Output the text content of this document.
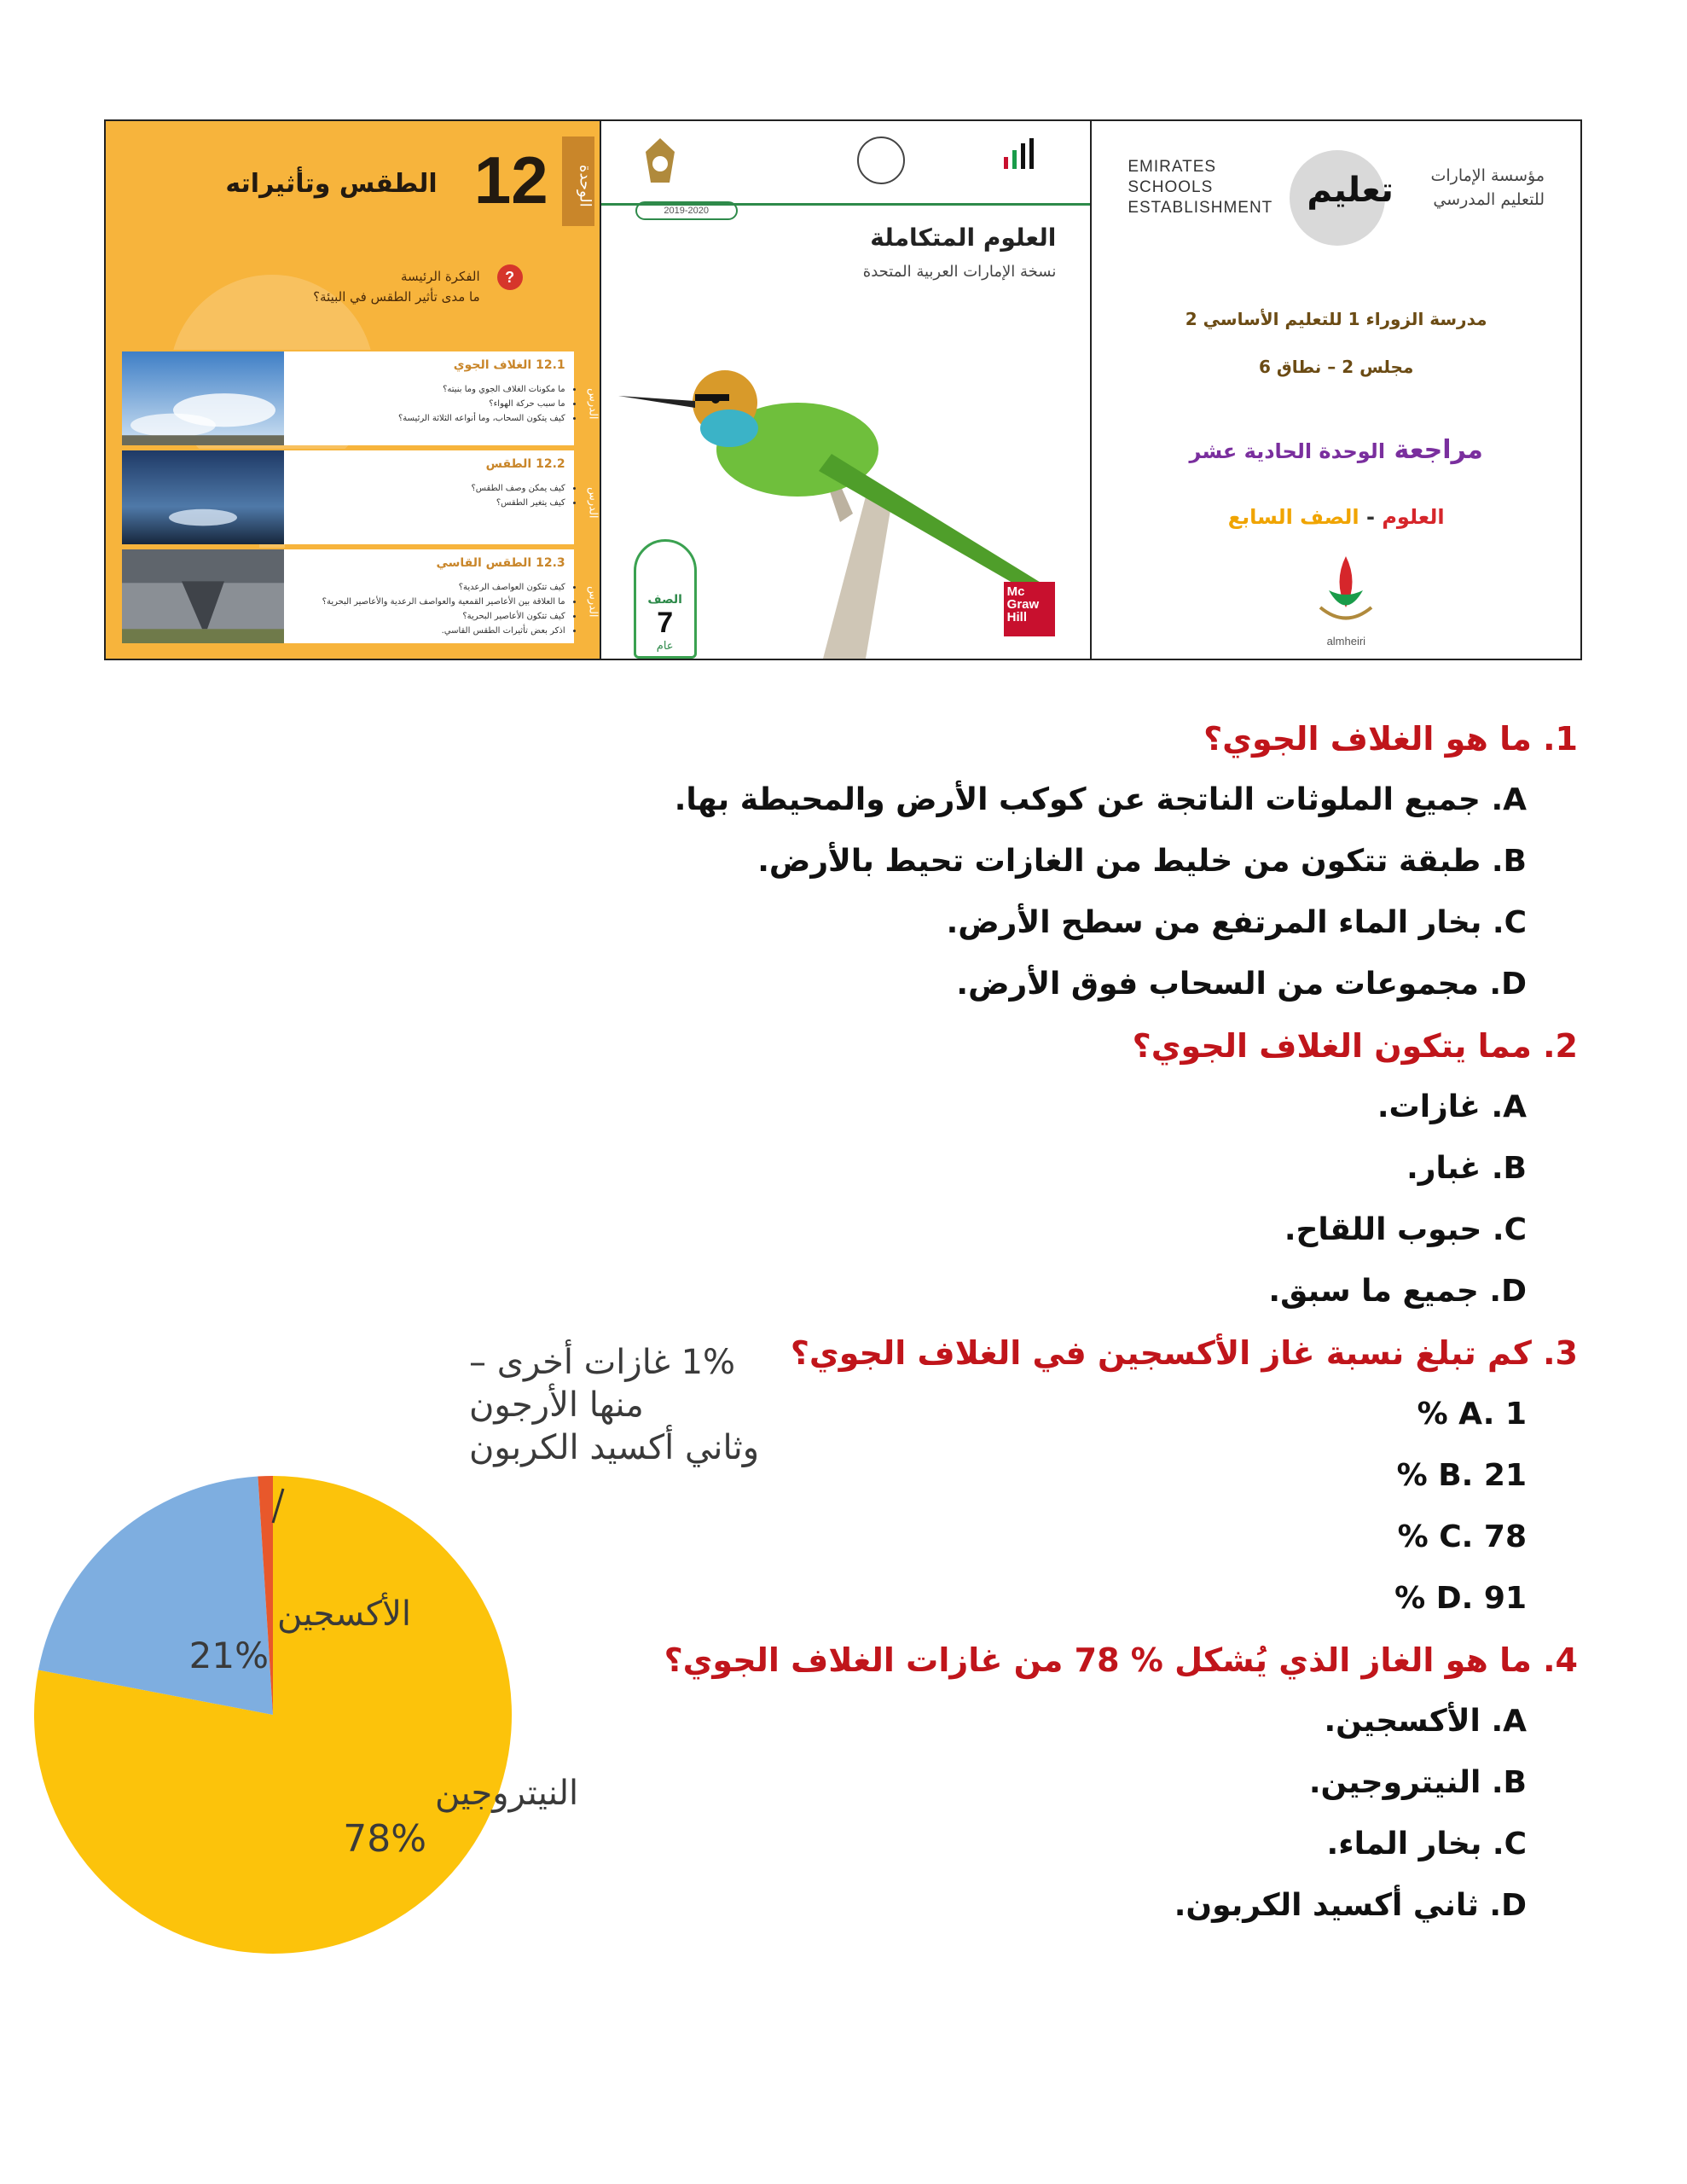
الوحدة
12
الطقس وتأثيراته
?
الفكرة الرئيسة
ما مدى تأثير الطقس في البيئة؟
الدرس
12.1 الغلاف الجوي
• ما مكونات الغلاف الجوي وما بنيته؟
• ما سبب حركة الهواء؟
• كيف يتكون السحاب، وما أنواعه الثلاثة الرئيسة؟
الدرس
12.2 الطقس
• كيف يمكن وصف الطقس؟
• كيف يتغير الطقس؟
الدرس
12.3 الطقس القاسي
• كيف تتكون العواصف الرعدية؟
• ما العلاقة بين الأعاصير القمعية والعواصف الرعدية والأعاصير البحرية؟
• كيف تتكون الأعاصير البحرية؟
• اذكر بعض تأثيرات الطقس القاسي.
2019-2020
العلوم المتكاملة
نسخة الإمارات العربية المتحدة
الصف
7
عام
Mc Graw Hill
EMIRATES SCHOOLS ESTABLISHMENT تعليم	مؤسسة الإمارات للتعليم المدرسي
مدرسة الزوراء 1 للتعليم الأساسي 2
مجلس 2 – نطاق 6
مراجعة الوحدة الحادية عشر
العلوم - الصف السابع
almheiri
1. ما هو الغلاف الجوي؟
A. جميع الملوثات الناتجة عن كوكب الأرض والمحيطة بها.
B. طبقة تتكون من خليط من الغازات تحيط بالأرض.
C. بخار الماء المرتفع من سطح الأرض.
D. مجموعات من السحاب فوق الأرض.
2. مما يتكون الغلاف الجوي؟
A. غازات.
B. غبار.
C. حبوب اللقاح.
D. جميع ما سبق.
3. كم تبلغ نسبة غاز الأكسجين في الغلاف الجوي؟
A. 1 %
B. 21 %
C. 78 %
D. 91 %
4. ما هو الغاز الذي يُشكل % 78 من غازات الغلاف الجوي؟
A. الأكسجين.
B. النيتروجين.
C. بخار الماء.
D. ثاني أكسيد الكربون.
1% غازات أخرى –
منها الأرجون
وثاني أكسيد الكربون
الأكسجين
21%
النيتروجين
78%
